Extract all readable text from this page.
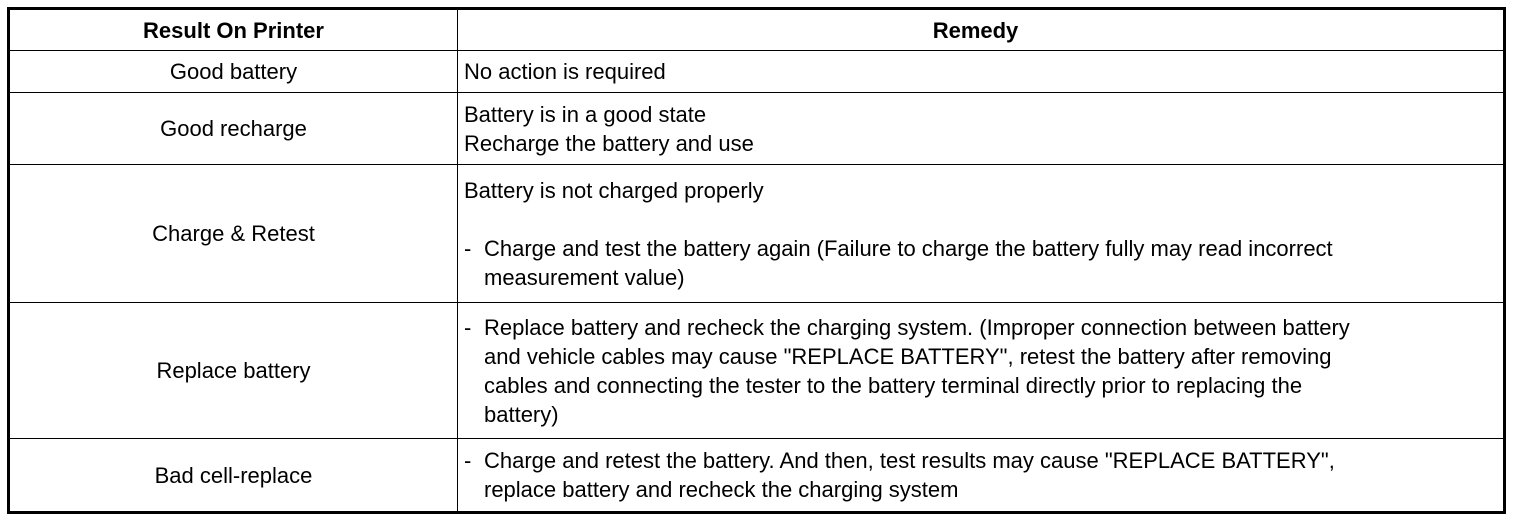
Result On Printer	Remedy
Good battery	No action is required
Good recharge
Battery is in a good state
Recharge the battery and use
Charge & Retest
Battery is not charged properly
- Charge and test the battery again (Failure to charge the battery fully may read incorrect
measurement value)
Replace battery
- Replace battery and recheck the charging system. (Improper connection between battery
and vehicle cables may cause "REPLACE BATTERY", retest the battery after removing
cables and connecting the tester to the battery terminal directly prior to replacing the
battery)
Bad cell-replace
- Charge and retest the battery. And then, test results may cause "REPLACE BATTERY",
replace battery and recheck the charging system
